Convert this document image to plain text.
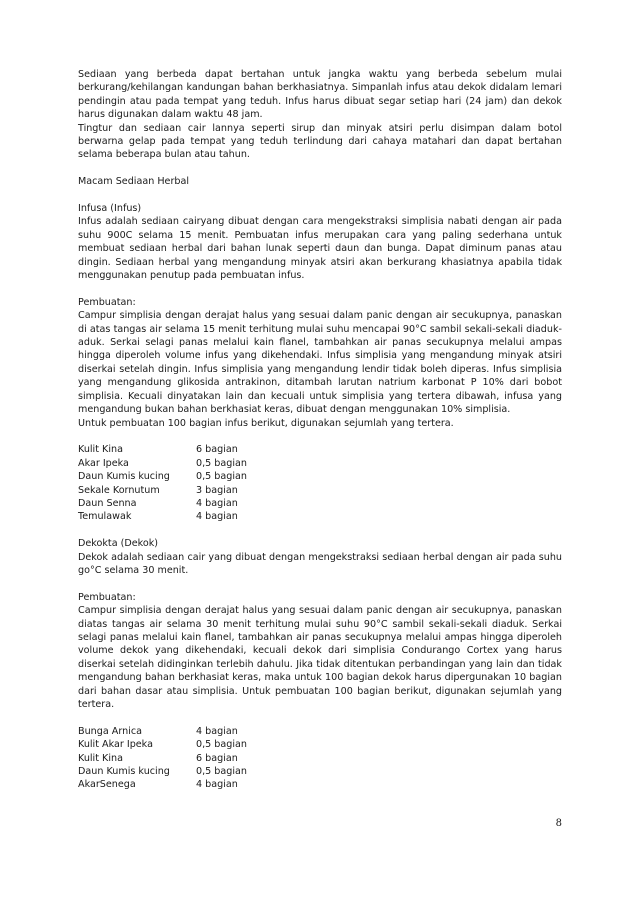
Sediaan yang berbeda dapat bertahan untuk jangka waktu yang berbeda sebelum mulai berkurang/kehilangan kandungan bahan berkhasiatnya. Simpanlah infus atau dekok didalam lemari pendingin atau pada tempat yang teduh. Infus harus dibuat segar setiap hari (24 jam) dan dekok harus digunakan dalam waktu 48 jam.

Tingtur dan sediaan cair lannya seperti sirup dan minyak atsiri perlu disimpan dalam botol berwarna gelap pada tempat yang teduh terlindung dari cahaya matahari dan dapat bertahan selama beberapa bulan atau tahun.

Macam Sediaan Herbal

Infusa (Infus)

Infus adalah sediaan cairyang dibuat dengan cara mengekstraksi simplisia nabati dengan air pada suhu 900C selama 15 menit. Pembuatan infus merupakan cara yang paling sederhana untuk membuat sediaan herbal dari bahan lunak seperti daun dan bunga. Dapat diminum panas atau dingin. Sediaan herbal yang mengandung minyak atsiri akan berkurang khasiatnya apabila tidak menggunakan penutup pada pembuatan infus.

Pembuatan:

Campur simplisia dengan derajat halus yang sesuai dalam panic dengan air secukupnya, panaskan di atas tangas air selama 15 menit terhitung mulai suhu mencapai 90°C sambil sekali-sekali diaduk-aduk. Serkai selagi panas melalui kain flanel, tambahkan air panas secukupnya melalui ampas hingga diperoleh volume infus yang dikehendaki. Infus simplisia yang mengandung minyak atsiri diserkai setelah dingin. Infus simplisia yang mengandung lendir tidak boleh diperas. Infus simplisia yang mengandung glikosida antrakinon, ditambah larutan natrium karbonat P 10% dari bobot simplisia. Kecuali dinyatakan lain dan kecuali untuk simplisia yang tertera dibawah, infusa yang mengandung bukan bahan berkhasiat keras, dibuat dengan menggunakan 10% simplisia.

Untuk pembuatan 100 bagian infus berikut, digunakan sejumlah yang tertera.

Kulit Kina	6 bagian
Akar Ipeka	0,5 bagian
Daun Kumis kucing	0,5 bagian
Sekale Kornutum	3 bagian
Daun Senna	4 bagian
Temulawak	4 bagian

Dekokta (Dekok)

Dekok adalah sediaan cair yang dibuat dengan mengekstraksi sediaan herbal dengan air pada suhu go°C selama 30 menit.

Pembuatan:

Campur simplisia dengan derajat halus yang sesuai dalam panic dengan air secukupnya, panaskan diatas tangas air selama 30 menit terhitung mulai suhu 90°C sambil sekali-sekali diaduk. Serkai selagi panas melalui kain flanel, tambahkan air panas secukupnya melalui ampas hingga diperoleh volume dekok yang dikehendaki, kecuali dekok dari simplisia Condurango Cortex yang harus diserkai setelah didinginkan terlebih dahulu. Jika tidak ditentukan perbandingan yang lain dan tidak mengandung bahan berkhasiat keras, maka untuk 100 bagian dekok harus dipergunakan 10 bagian dari bahan dasar atau simplisia. Untuk pembuatan 100 bagian berikut, digunakan sejumlah yang tertera.

Bunga Arnica	4 bagian
Kulit Akar Ipeka	0,5 bagian
Kulit Kina	6 bagian
Daun Kumis kucing	0,5 bagian
AkarSenega	4 bagian
8
